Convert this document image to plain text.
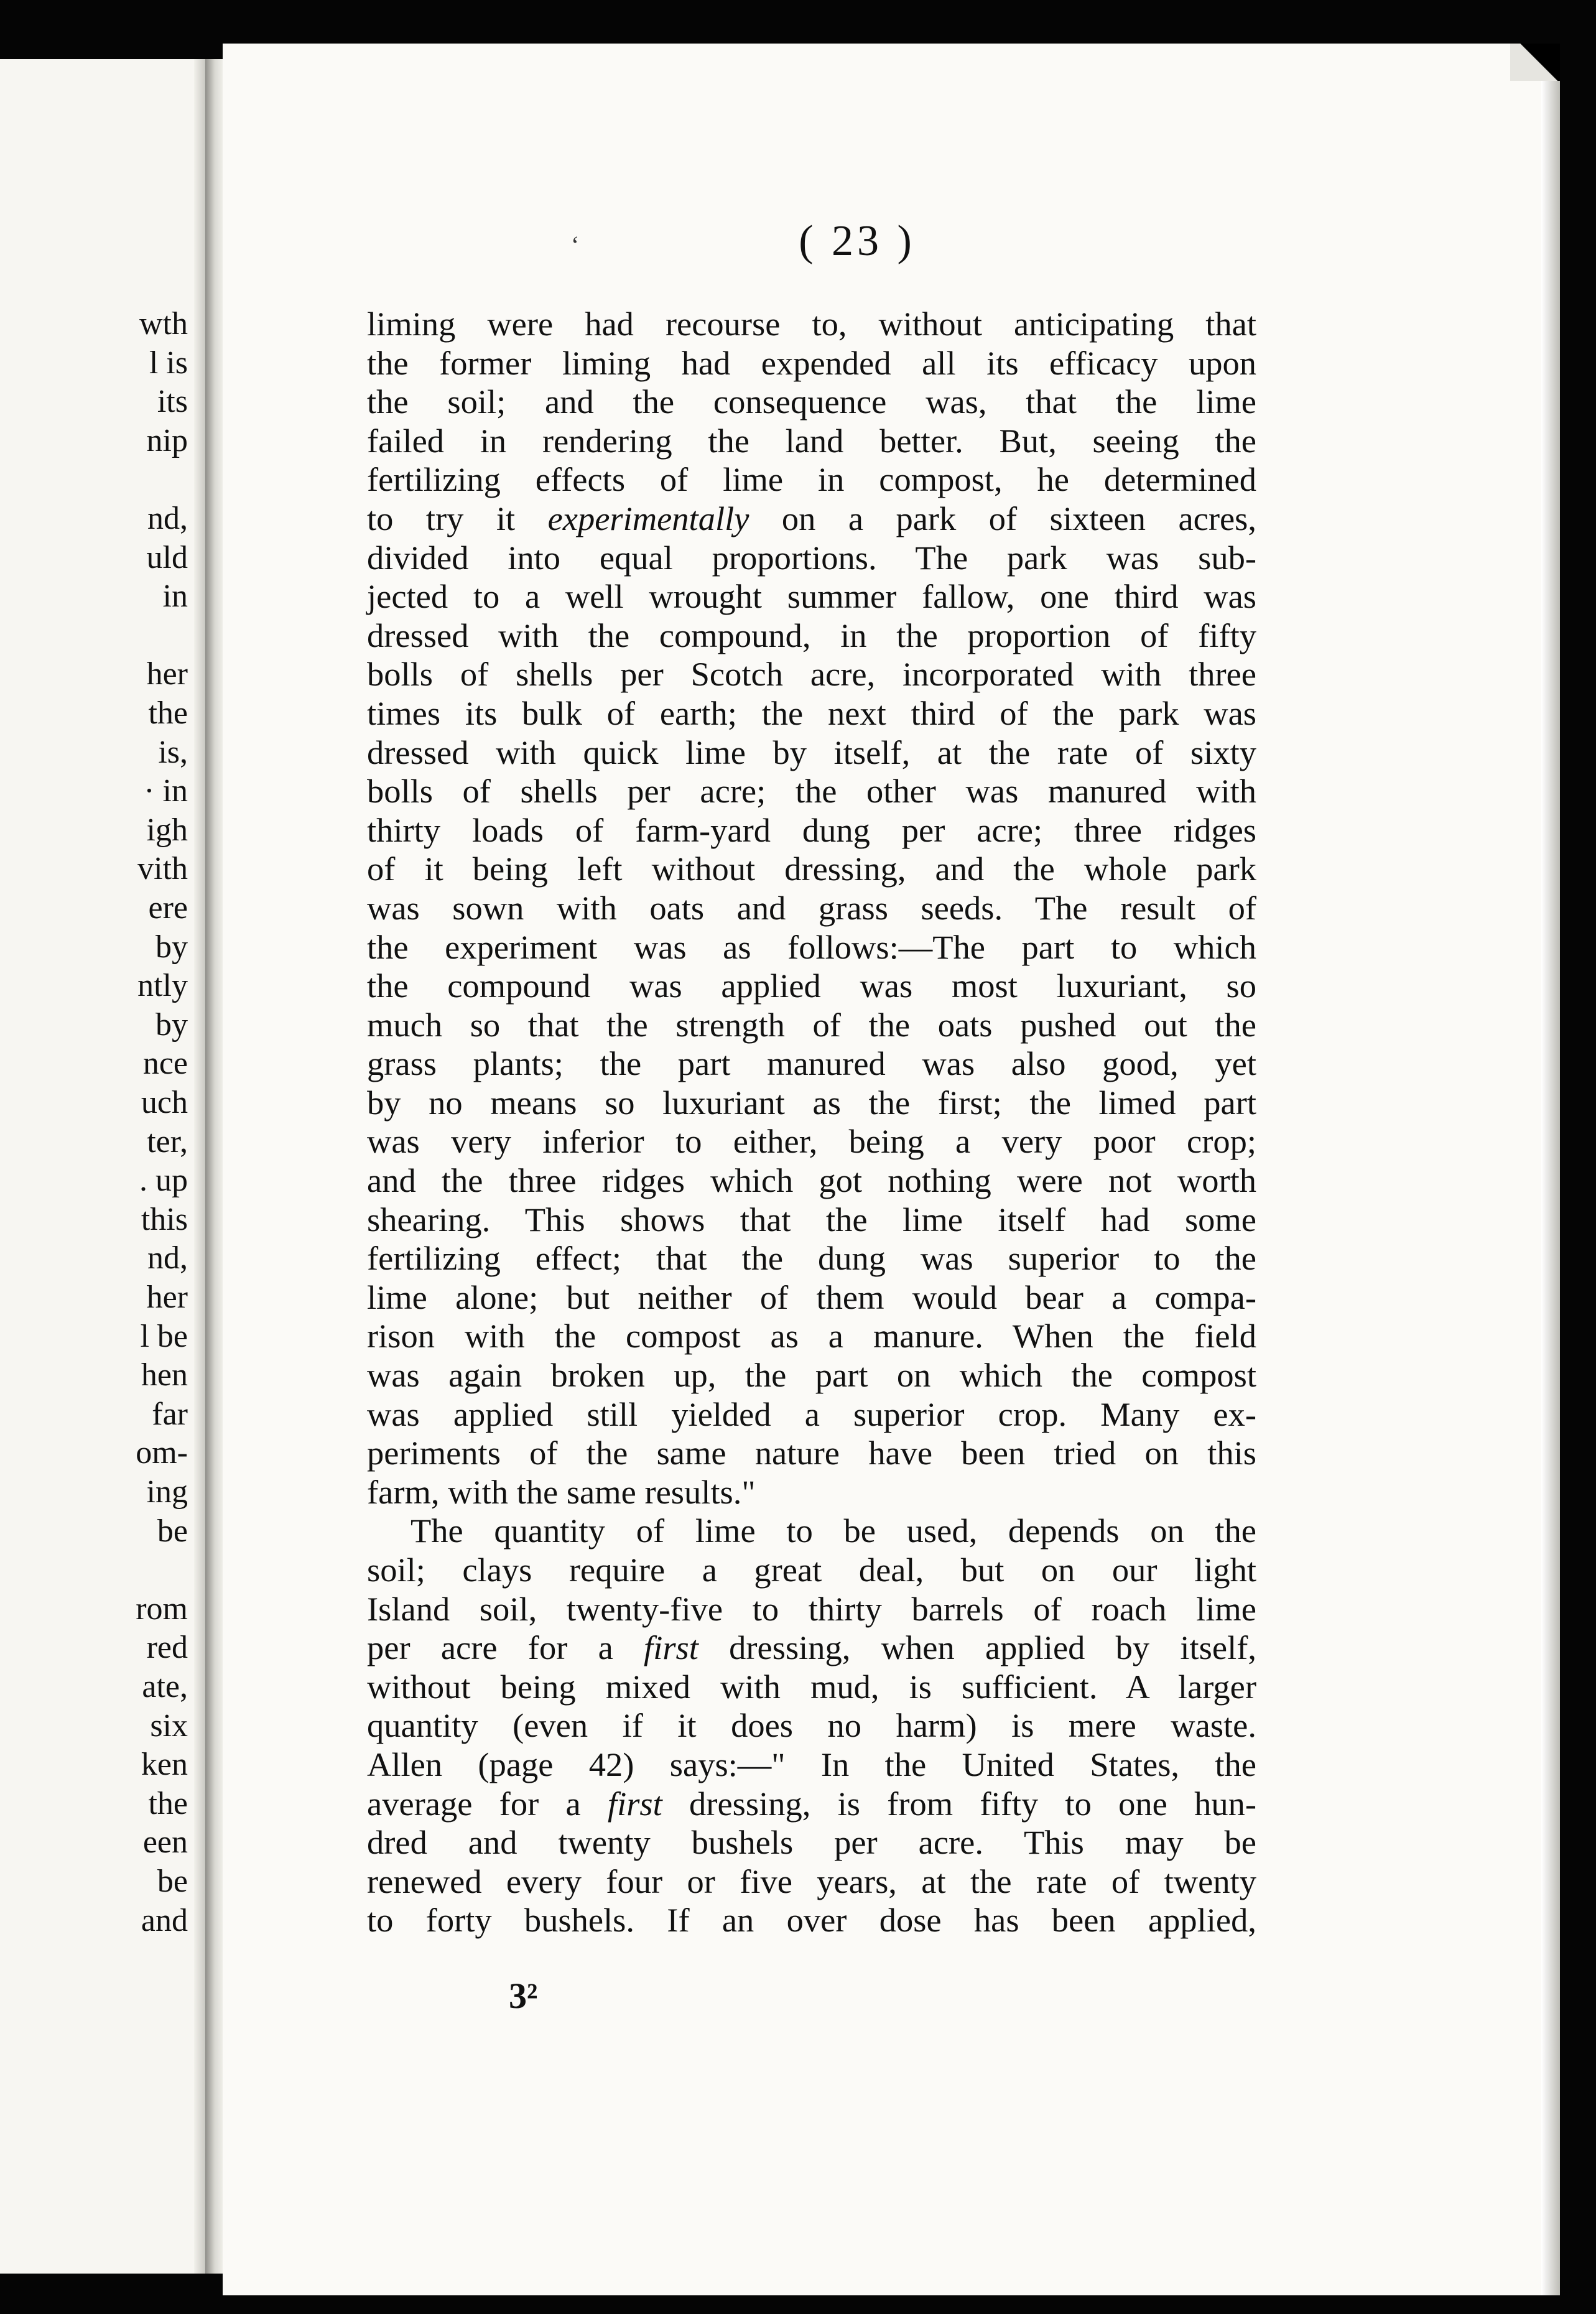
wth
l is
its
nip
nd,
uld
in
her
the
is,
· in
igh
vith
ere
by
ntly
by
nce
uch
ter,
. up
this
nd,
her
l be
hen
far
om-
ing
be
rom
red
ate,
six
ken
the
een
be
and
‘	( 23 )
liming were had recourse to, without anticipating that
the former liming had expended all its efficacy upon
the soil; and the consequence was, that the lime
failed in rendering the land better. But, seeing the
fertilizing effects of lime in compost, he determined
to try it experimentally on a park of sixteen acres,
divided into equal proportions. The park was sub-
jected to a well wrought summer fallow, one third was
dressed with the compound, in the proportion of fifty
bolls of shells per Scotch acre, incorporated with three
times its bulk of earth; the next third of the park was
dressed with quick lime by itself, at the rate of sixty
bolls of shells per acre; the other was manured with
thirty loads of farm-yard dung per acre; three ridges
of it being left without dressing, and the whole park
was sown with oats and grass seeds. The result of
the experiment was as follows:—The part to which
the compound was applied was most luxuriant, so
much so that the strength of the oats pushed out the
grass plants; the part manured was also good, yet
by no means so luxuriant as the first; the limed part
was very inferior to either, being a very poor crop;
and the three ridges which got nothing were not worth
shearing. This shows that the lime itself had some
fertilizing effect; that the dung was superior to the
lime alone; but neither of them would bear a compa-
rison with the compost as a manure. When the field
was again broken up, the part on which the compost
was applied still yielded a superior crop. Many ex-
periments of the same nature have been tried on this
farm, with the same results."
The quantity of lime to be used, depends on the
soil; clays require a great deal, but on our light
Island soil, twenty-five to thirty barrels of roach lime
per acre for a first dressing, when applied by itself,
without being mixed with mud, is sufficient. A larger
quantity (even if it does no harm) is mere waste.
Allen (page 42) says:—" In the United States, the
average for a first dressing, is from fifty to one hun-
dred and twenty bushels per acre. This may be
renewed every four or five years, at the rate of twenty
to forty bushels. If an over dose has been applied,
3²
